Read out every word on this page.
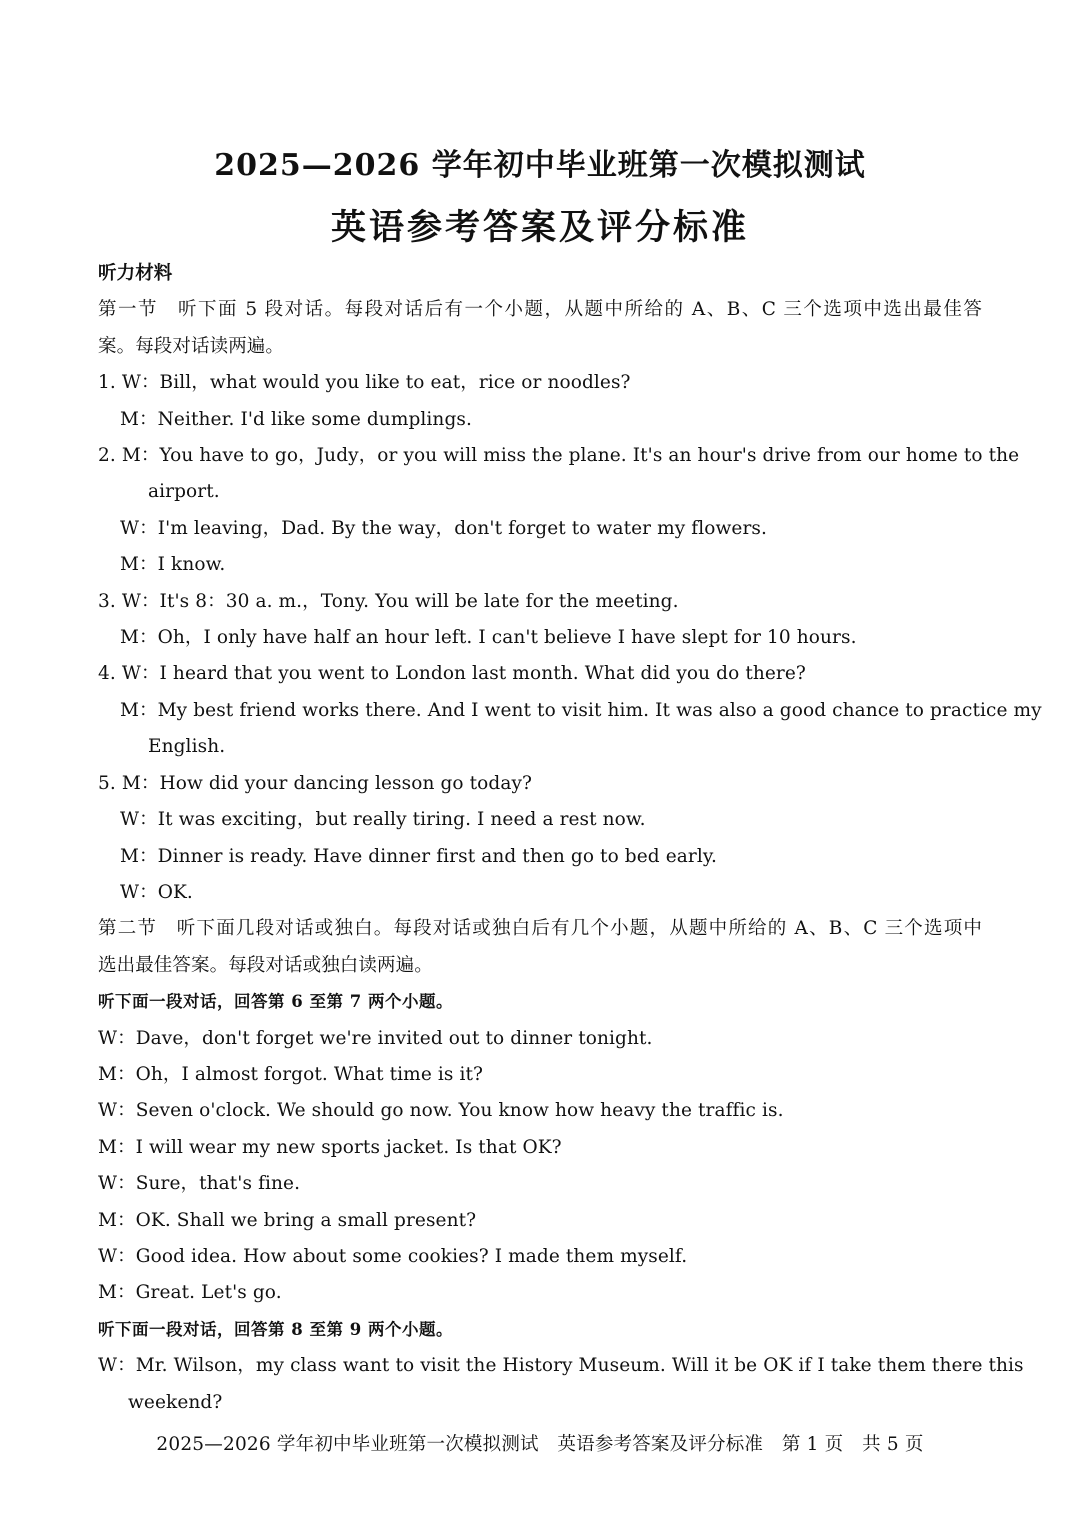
2025—2026 学年初中毕业班第一次模拟测试
英语参考答案及评分标准
听力材料
第一节　听下面 5 段对话。每段对话后有一个小题，从题中所给的 A、B、C 三个选项中选出最佳答
案。每段对话读两遍。
1. W：Bill，what would you like to eat，rice or noodles?
M：Neither. I'd like some dumplings.
2. M：You have to go，Judy，or you will miss the plane. It's an hour's drive from our home to the
airport.
W：I'm leaving，Dad. By the way，don't forget to water my flowers.
M：I know.
3. W：It's 8：30 a. m.，Tony. You will be late for the meeting.
M：Oh，I only have half an hour left. I can't believe I have slept for 10 hours.
4. W：I heard that you went to London last month. What did you do there?
M：My best friend works there. And I went to visit him. It was also a good chance to practice my
English.
5. M：How did your dancing lesson go today?
W：It was exciting，but really tiring. I need a rest now.
M：Dinner is ready. Have dinner first and then go to bed early.
W：OK.
第二节　听下面几段对话或独白。每段对话或独白后有几个小题，从题中所给的 A、B、C 三个选项中
选出最佳答案。每段对话或独白读两遍。
听下面一段对话，回答第 6 至第 7 两个小题。
W：Dave，don't forget we're invited out to dinner tonight.
M：Oh，I almost forgot. What time is it?
W：Seven o'clock. We should go now. You know how heavy the traffic is.
M：I will wear my new sports jacket. Is that OK?
W：Sure，that's fine.
M：OK. Shall we bring a small present?
W：Good idea. How about some cookies? I made them myself.
M：Great. Let's go.
听下面一段对话，回答第 8 至第 9 两个小题。
W：Mr. Wilson，my class want to visit the History Museum. Will it be OK if I take them there this
weekend?
2025—2026 学年初中毕业班第一次模拟测试　英语参考答案及评分标准　第 1 页　共 5 页
